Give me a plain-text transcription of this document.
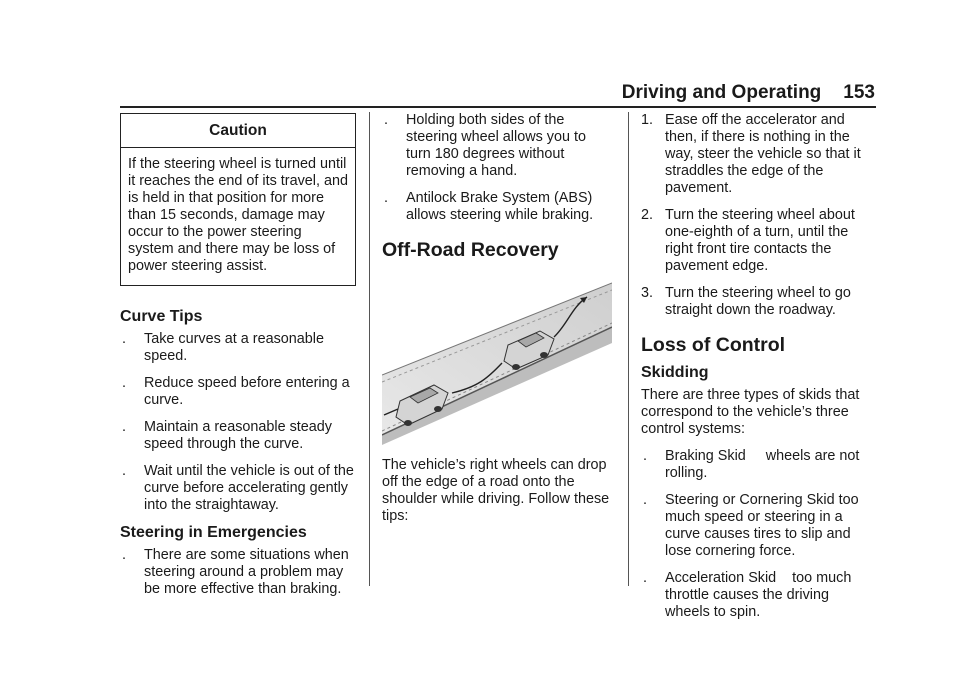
Driving and Operating 153
Caution
If the steering wheel is turned until it reaches the end of its travel, and is held in that position for more than 15 seconds, damage may occur to the power steering system and there may be loss of power steering assist.
Curve Tips
. Take curves at a reasonable speed.
. Reduce speed before entering a curve.
. Maintain a reasonable steady speed through the curve.
. Wait until the vehicle is out of the curve before accelerating gently into the straightaway.
Steering in Emergencies
. There are some situations when steering around a problem may be more effective than braking.
. Holding both sides of the steering wheel allows you to turn 180 degrees without removing a hand.
. Antilock Brake System (ABS) allows steering while braking.
Off-Road Recovery

The vehicle’s right wheels can drop off the edge of a road onto the shoulder while driving. Follow these tips:

1. Ease off the accelerator and then, if there is nothing in the way, steer the vehicle so that it straddles the edge of the pavement.
2. Turn the steering wheel about one-eighth of a turn, until the right front tire contacts the pavement edge.
3. Turn the steering wheel to go straight down the roadway.
Loss of Control
Skidding

There are three types of skids that correspond to the vehicle’s three control systems:

. Braking Skid     wheels are not rolling.
. Steering or Cornering Skid too much speed or steering in a curve causes tires to slip and lose cornering force.
. Acceleration Skid    too much throttle causes the driving wheels to spin.
